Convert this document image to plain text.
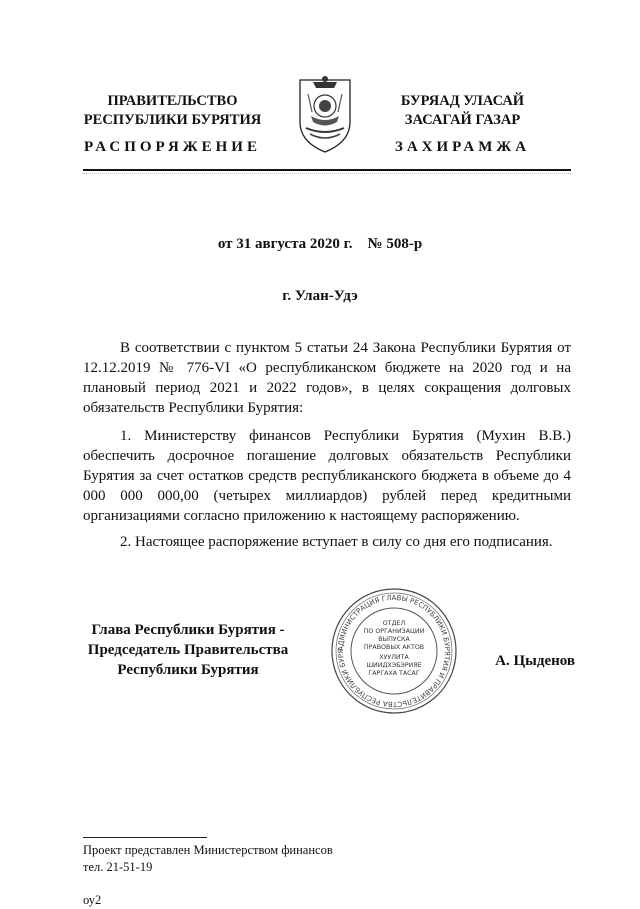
ПРАВИТЕЛЬСТВО
РЕСПУБЛИКИ БУРЯТИЯ
БУРЯАД УЛАСАЙ
ЗАСАГАЙ ГАЗАР
РАСПОРЯЖЕНИЕ	ЗАХИРАМЖА
от 31 августа 2020 г. № 508-р
г. Улан-Удэ
В соответствии с пунктом 5 статьи 24 Закона Республики Бурятия от 12.12.2019 № 776-VI «О республиканском бюджете на 2020 год и на плановый период 2021 и 2022 годов», в целях сокращения долговых обязательств Республики Бурятия:
1. Министерству финансов Республики Бурятия (Мухин В.В.) обеспечить досрочное погашение долговых обязательств Республики Бурятия за счет остатков средств республиканского бюджета в объеме до 4 000 000 000,00 (четырех миллиардов) рублей перед кредитными организациями согласно приложению к настоящему распоряжению.
2. Настоящее распоряжение вступает в силу со дня его подписания.
Глава Республики Бурятия -
Председатель Правительства
Республики Бурятия
АДМИНИСТРАЦИЯ ГЛАВЫ РЕСПУБЛИКИ БУРЯТИЯ И ПРАВИТЕЛЬСТВА РЕСПУБЛИКИ БУРЯ
ОТДЕЛ
ПО ОРГАНИЗАЦИИ
ВЫПУСКА
ПРАВОВЫХ АКТОВ
ХУУЛИТА
ШИИДХЭБЭРИЯЕ
ГАРГАХА ТАСАГ
А. Цыденов
Проект представлен Министерством финансов
тел. 21-51-19
оу2
